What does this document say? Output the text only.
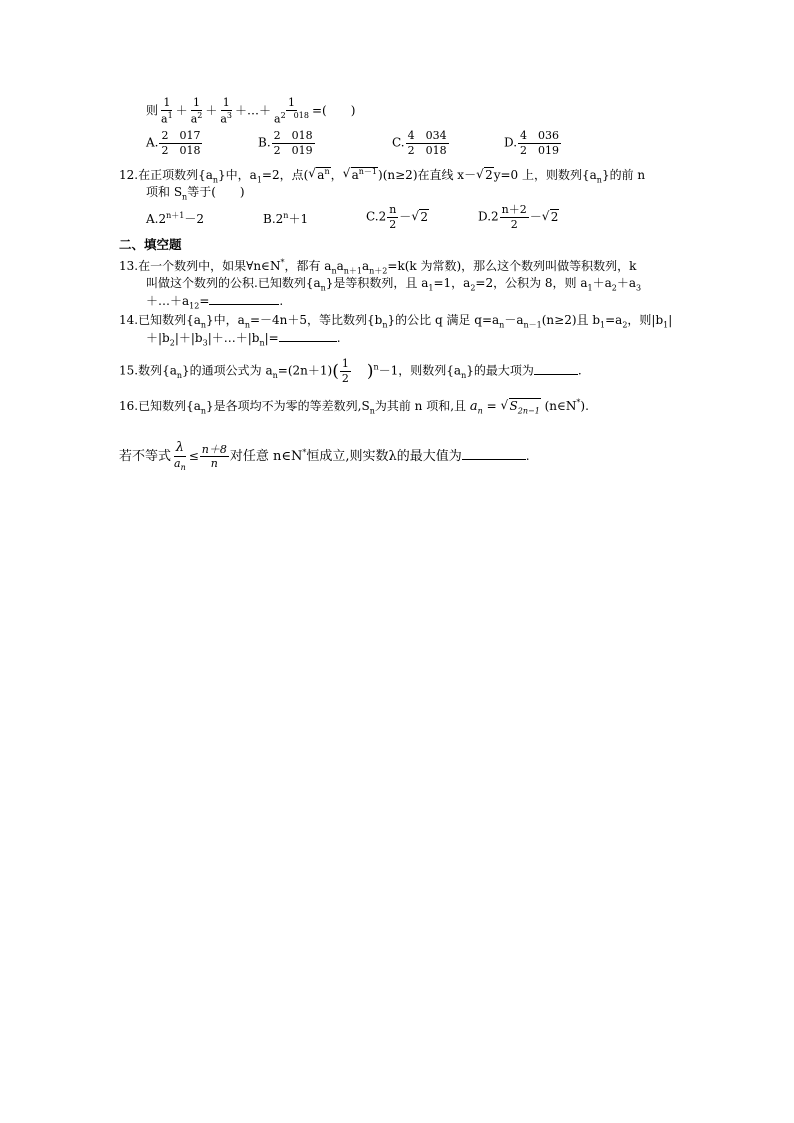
则 $\frac{1}{a^1} + \frac{1}{a^2} + \frac{1}{a^3}$ ＋…＋ $\frac{1}{a^{2 018}}$ =(　　)
A. $\frac{2 017}{2 018}$	B. $\frac{2 018}{2 019}$	C. $\frac{4 034}{2 018}$	D. $\frac{4 036}{2 019}$
12.在正项数列$\{a_n\}$中，$a_1=2$，点( √ $a^n$， √ $a^{n-1})(n\ge 2)$在直线 x－ √ 2y=0 上，则数列$\{a_n\}$的前 n
项和 $S_n$等于(　　)
$A.2^{n+1}-2$	$B.2^n+1$	$C.2 \frac{n}{2}$ － √ 2	$D.2 \frac{n+2}{2}$ － √ 2
二、填空题
13.在一个数列中，如果∀n∈N*，都有 $a_na_{n+1}a_{n+2}=k(k$ 为常数)，那么这个数列叫做等积数列，k
叫做这个数列的公积.已知数列$\{a_n\}$是等积数列，且 $a_1=1$，$a_2=2$，公积为 8，则 $a_1+a_2+a_3$
$+\dots+a_{12}=$	.
14.已知数列$\{a_n\}$中，$a_n=-4n+5$，等比数列$\{b_n\}$的公比 q 满足 $q=a_n-a_{n-1}(n\ge 2)$且 $b_1=a_2$，则$|b_1|$
$+|b_2|+|b_3|+\dots+|b_n|=$	.
15.数列$\{a_n\}$的通项公式为 $a_n=(2n+1)( \frac{1}{2} )^n-1$，则数列$\{a_n\}$的最大项为	.
16.已知数列$\{a_n\}$是各项均不为零的等差数列$,S_n$为其前 n 项和,且 $a_n$ = √ $S_{2n-1}$ (n∈N*).
若不等式 $\frac{\lambda}{a_n} \le \frac{n+8}{n}$ 对任意 n∈N*恒成立,则实数λ的最大值为	.
